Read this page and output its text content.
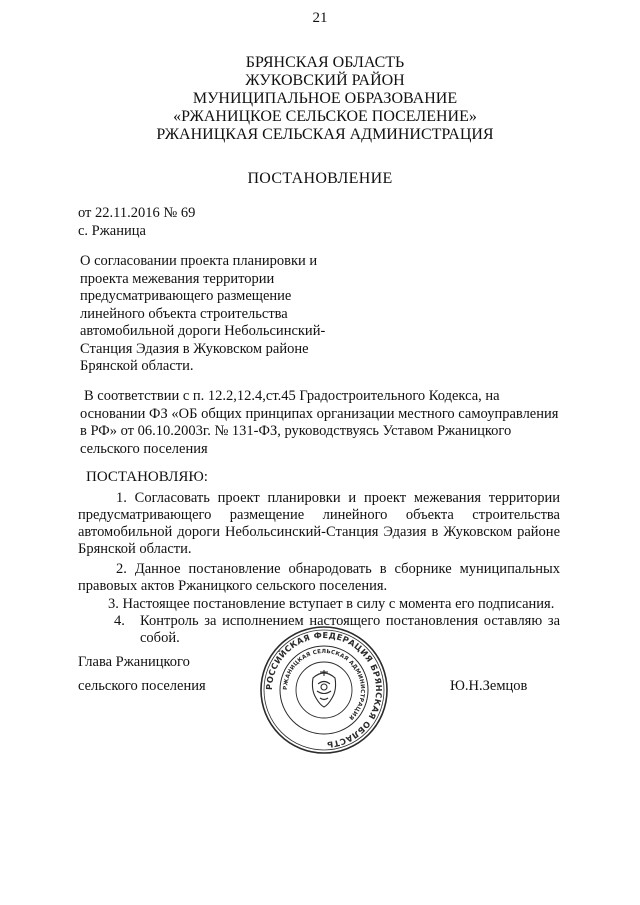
21
БРЯНСКАЯ ОБЛАСТЬ
ЖУКОВСКИЙ РАЙОН
МУНИЦИПАЛЬНОЕ ОБРАЗОВАНИЕ
«РЖАНИЦКОЕ СЕЛЬСКОЕ ПОСЕЛЕНИЕ»
РЖАНИЦКАЯ СЕЛЬСКАЯ АДМИНИСТРАЦИЯ
ПОСТАНОВЛЕНИЕ
от 22.11.2016 № 69
с. Ржаница
О согласовании проекта планировки и
проекта межевания территории
предусматривающего размещение
линейного объекта строительства
автомобильной дороги Небольсинский-
Станция Эдазия в Жуковском районе
Брянской области.
В соответствии с п. 12.2,12.4,ст.45 Градостроительного Кодекса, на
основании ФЗ «ОБ общих принципах организации местного самоуправления
в РФ» от 06.10.2003г. № 131-ФЗ, руководствуясь Уставом Ржаницкого
сельского поселения
ПОСТАНОВЛЯЮ:
1. Согласовать проект планировки и проект межевания территории
предусматривающего размещение линейного объекта строительства
автомобильной дороги Небольсинский-Станция Эдазия в Жуковском районе
Брянской области.
2. Данное постановление обнародовать в сборнике муниципальных
правовых актов Ржаницкого сельского поселения.
3. Настоящее постановление вступает в силу с момента его подписания.
4. Контроль за исполнением настоящего постановления оставляю за
собой.
Глава Ржаницкого
сельского поселения	Ю.Н.Земцов
РОССИЙСКАЯ ФЕДЕРАЦИЯ БРЯНСКАЯ ОБЛАСТЬ
РЖАНИЦКАЯ СЕЛЬСКАЯ АДМИНИСТРАЦИЯ
